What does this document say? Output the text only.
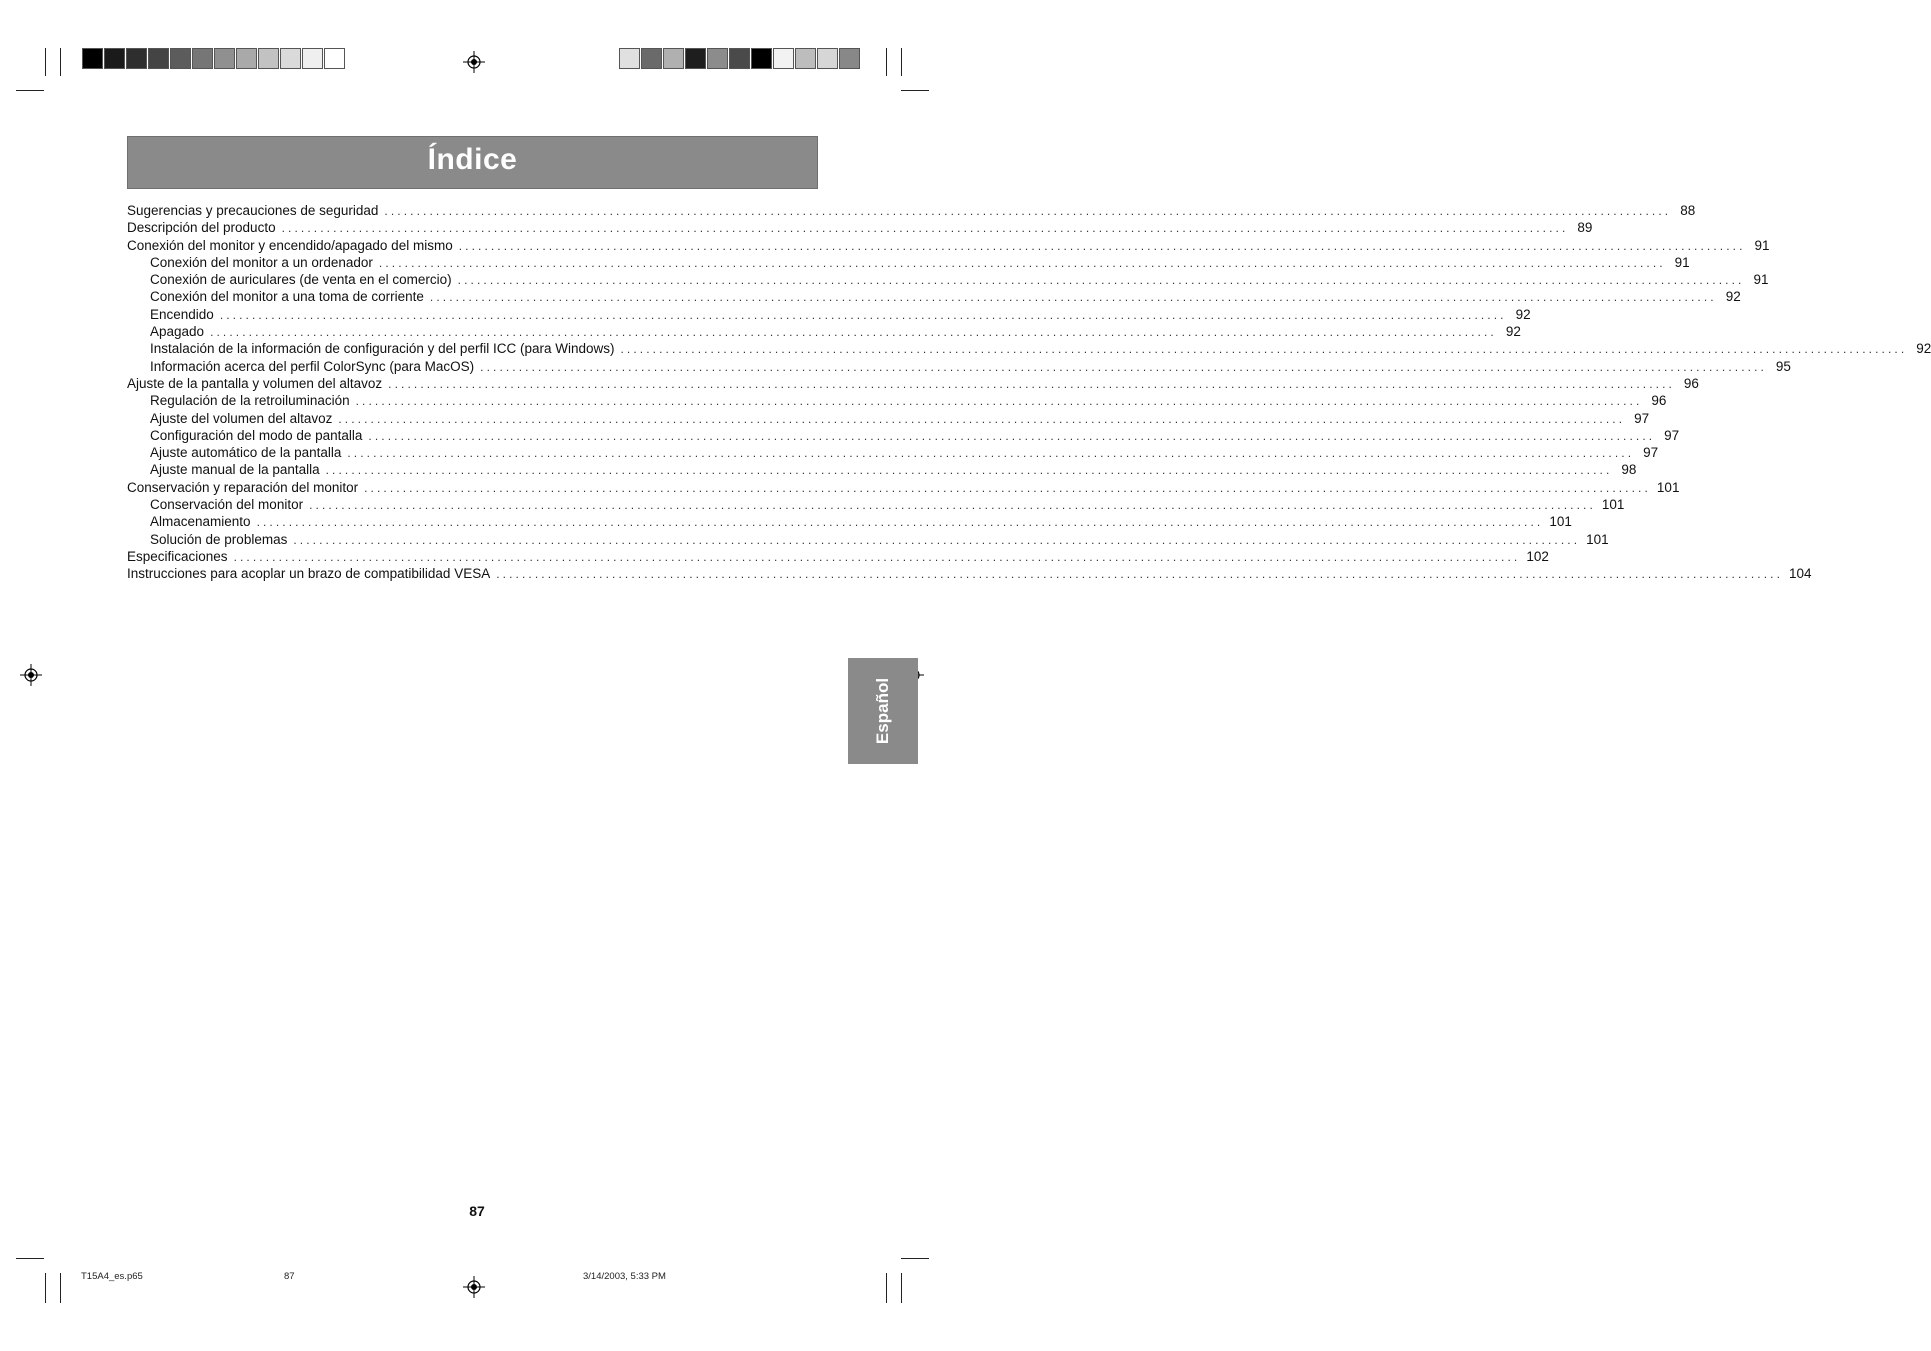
Índice
Sugerencias y precauciones de seguridad ........................................................................................................................................................................................................ 88
Descripción del producto ........................................................................................................................................................................................................ 89
Conexión del monitor y encendido/apagado del mismo ........................................................................................................................................................................................................ 91
Conexión del monitor a un ordenador ........................................................................................................................................................................................................ 91
Conexión de auriculares (de venta en el comercio) ........................................................................................................................................................................................................ 91
Conexión del monitor a una toma de corriente ........................................................................................................................................................................................................ 92
Encendido ........................................................................................................................................................................................................ 92
Apagado ........................................................................................................................................................................................................ 92
Instalación de la información de configuración y del perfil ICC (para Windows) ........................................................................................................................................................................................................ 92
Información acerca del perfil ColorSync (para MacOS) ........................................................................................................................................................................................................ 95
Ajuste de la pantalla y volumen del altavoz ........................................................................................................................................................................................................ 96
Regulación de la retroiluminación ........................................................................................................................................................................................................ 96
Ajuste del volumen del altavoz ........................................................................................................................................................................................................ 97
Configuración del modo de pantalla ........................................................................................................................................................................................................ 97
Ajuste automático de la pantalla ........................................................................................................................................................................................................ 97
Ajuste manual de la pantalla ........................................................................................................................................................................................................ 98
Conservación y reparación del monitor ........................................................................................................................................................................................................ 101
Conservación del monitor ........................................................................................................................................................................................................ 101
Almacenamiento ........................................................................................................................................................................................................ 101
Solución de problemas ........................................................................................................................................................................................................ 101
Especificaciones ........................................................................................................................................................................................................ 102
Instrucciones para acoplar un brazo de compatibilidad VESA ........................................................................................................................................................................................................ 104
Español
87
T15A4_es.p65	87	3/14/2003, 5:33 PM
